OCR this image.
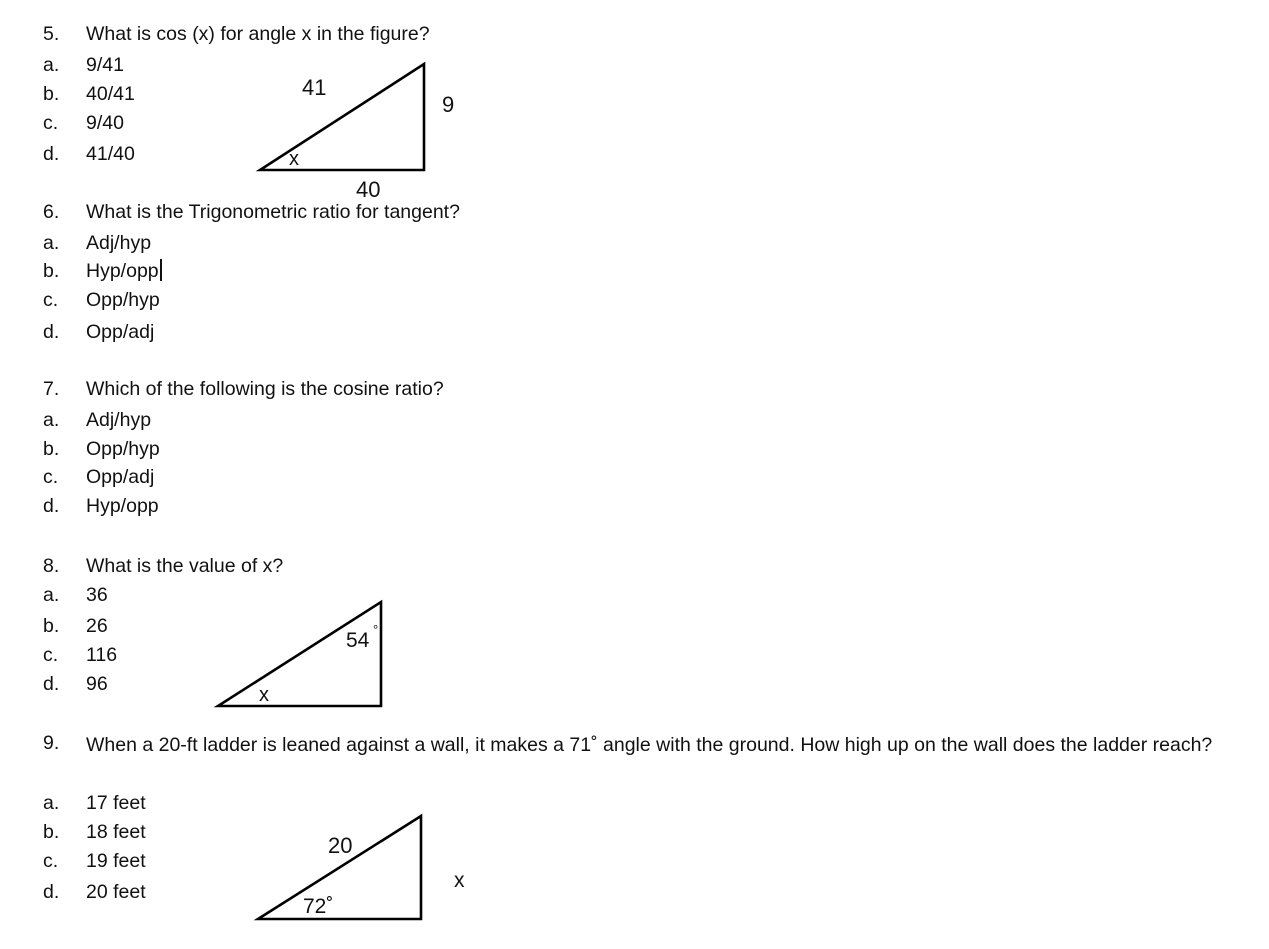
5. What is cos (x) for angle x in the figure?
a. 9/41
b. 40/41
c. 9/40
d. 41/40
41
9
40
x
6. What is the Trigonometric ratio for tangent?
a. Adj/hyp
b. Hyp/opp
c. Opp/hyp
d. Opp/adj
7. Which of the following is the cosine ratio?
a. Adj/hyp
b. Opp/hyp
c. Opp/adj
d. Hyp/opp
8. What is the value of x?
a. 36
b. 26
c. 116
d. 96
54 °
x
9. When a 20-ft ladder is leaned against a wall, it makes a 71˚ angle with the ground. How high up on the wall does the ladder reach?
a. 17 feet
b. 18 feet
c. 19 feet
d. 20 feet
20
72˚
x
